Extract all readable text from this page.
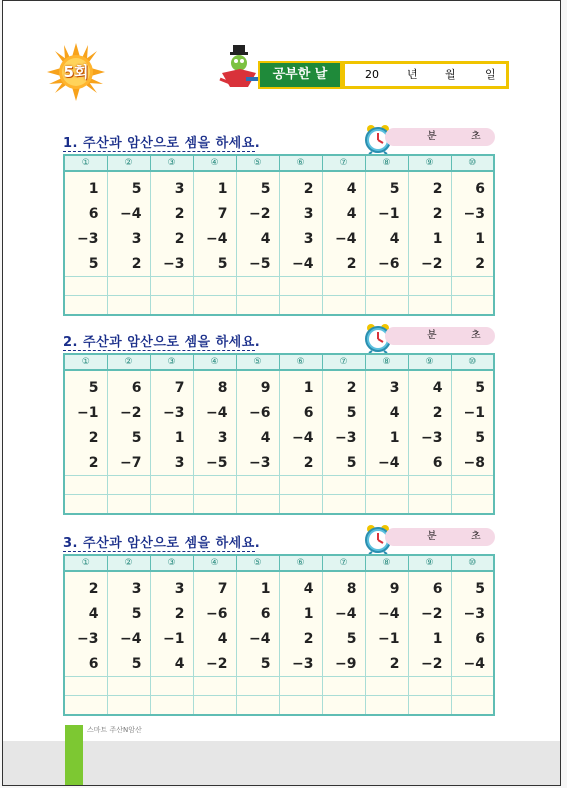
5회	공부한 날	20	년 월	일
1. 주산과 암산으로 셈을 하세요.	분	초
①	②	③	④	⑤	⑥	⑦	⑧	⑨	⑩
1	5	3	1	5	2	4	5	2	6
6	−4	2	7	−2	3	4	−1	2	−3
−3	3	2	−4	4	3	−4	4	1	1
5	2	−3	5	−5	−4	2	−6	−2	2

2. 주산과 암산으로 셈을 하세요.	분	초
①	②	③	④	⑤	⑥	⑦	⑧	⑨	⑩
5	6	7	8	9	1	2	3	4	5
−1	−2	−3	−4	−6	6	5	4	2	−1
2	5	1	3	4	−4	−3	1	−3	5
2	−7	3	−5	−3	2	5	−4	6	−8

3. 주산과 암산으로 셈을 하세요.	분	초
①	②	③	④	⑤	⑥	⑦	⑧	⑨	⑩
2	3	3	7	1	4	8	9	6	5
4	5	2	−6	6	1	−4	−4	−2	−3
−3	−4	−1	4	−4	2	5	−1	1	6
6	5	4	−2	5	−3	−9	2	−2	−4

스마트 주산N암산
